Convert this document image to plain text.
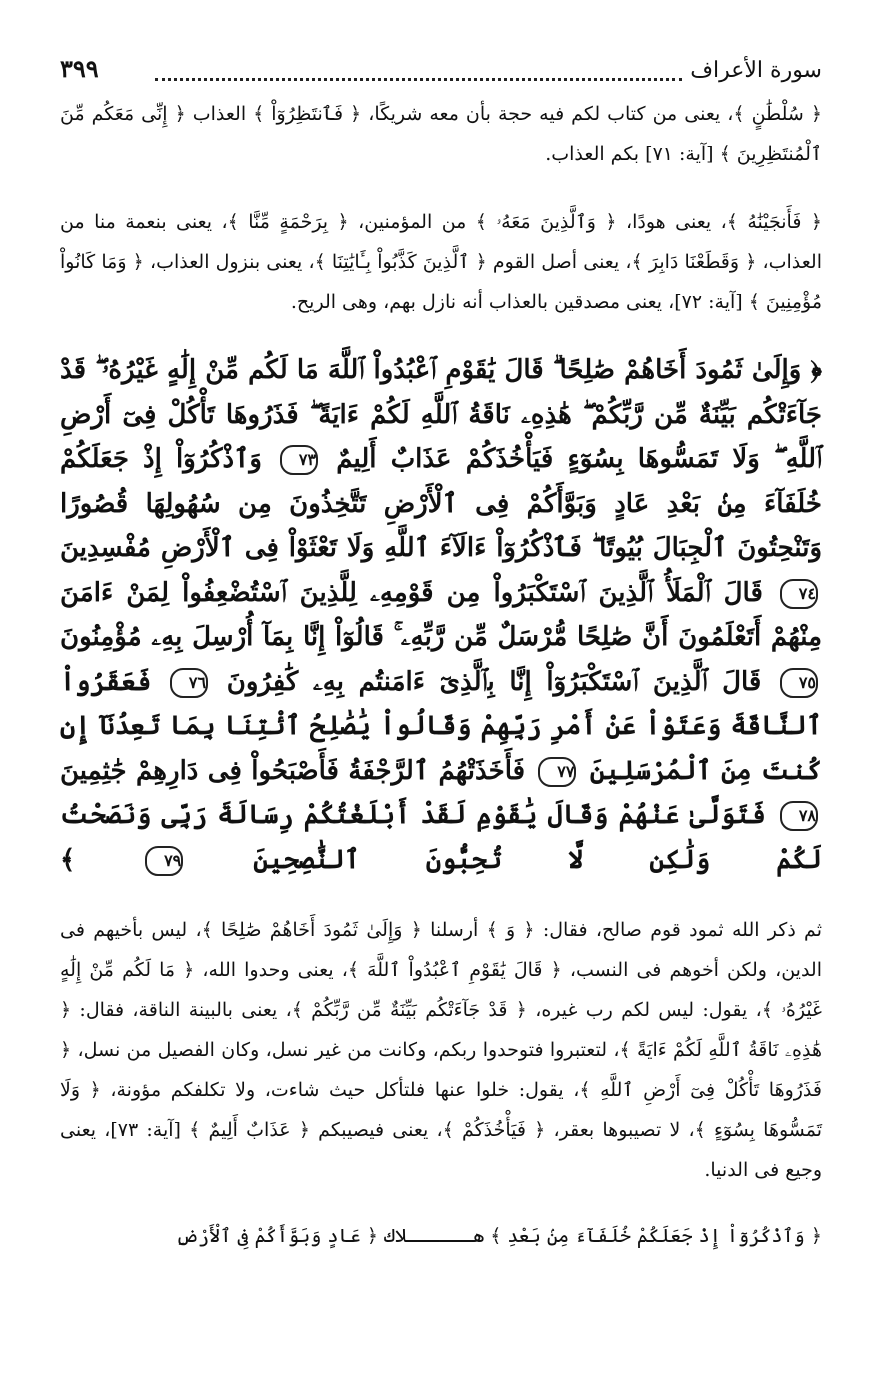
سورة الأعراف
٣٩٩

﴿ سُلْطَٰنٍ ﴾، يعنى من كتاب لكم فيه حجة بأن معه شريكًا، ﴿ فَٱنتَظِرُوٓاْ ﴾ العذاب ﴿ إِنِّى مَعَكُم مِّنَ ٱلْمُنتَظِرِينَ ﴾ [آية: ٧١] بكم العذاب.

﴿ فَأَنجَيْنَٰهُ ﴾، يعنى هودًا، ﴿ وَٱلَّذِينَ مَعَهُۥ ﴾ من المؤمنين، ﴿ بِرَحْمَةٍ مِّنَّا ﴾، يعنى بنعمة منا من العذاب، ﴿ وَقَطَعْنَا دَابِرَ ﴾، يعنى أصل القوم ﴿ ٱلَّذِينَ كَذَّبُواْ بِـَٔايَٰتِنَا ﴾، يعنى بنزول العذاب، ﴿ وَمَا كَانُواْ مُؤْمِنِينَ ﴾ [آية: ٧٢]، يعنى مصدقين بالعذاب أنه نازل بهم، وهى الريح.

﴿ وَإِلَىٰ ثَمُودَ أَخَاهُمْ صَٰلِحًا ۗ قَالَ يَٰقَوْمِ ٱعْبُدُواْ ٱللَّهَ مَا لَكُم مِّنْ إِلَٰهٍ غَيْرُهُۥ ۖ قَدْ جَآءَتْكُم بَيِّنَةٌ مِّن رَّبِّكُمْ ۖ هَٰذِهِۦ نَاقَةُ ٱللَّهِ لَكُمْ ءَايَةً ۖ فَذَرُوهَا تَأْكُلْ فِىٓ أَرْضِ ٱللَّهِ ۖ وَلَا تَمَسُّوهَا بِسُوٓءٍ فَيَأْخُذَكُمْ عَذَابٌ أَلِيمٌ ٧٣ وَٱذْكُرُوٓاْ إِذْ جَعَلَكُمْ خُلَفَآءَ مِنۢ بَعْدِ عَادٍ وَبَوَّأَكُمْ فِى ٱلْأَرْضِ تَتَّخِذُونَ مِن سُهُولِهَا قُصُورًا وَتَنْحِتُونَ ٱلْجِبَالَ بُيُوتًا ۖ فَٱذْكُرُوٓاْ ءَالَآءَ ٱللَّهِ وَلَا تَعْثَوْاْ فِى ٱلْأَرْضِ مُفْسِدِينَ ٧٤ قَالَ ٱلْمَلَأُ ٱلَّذِينَ ٱسْتَكْبَرُواْ مِن قَوْمِهِۦ لِلَّذِينَ ٱسْتُضْعِفُواْ لِمَنْ ءَامَنَ مِنْهُمْ أَتَعْلَمُونَ أَنَّ صَٰلِحًا مُّرْسَلٌ مِّن رَّبِّهِۦ ۚ قَالُوٓاْ إِنَّا بِمَآ أُرْسِلَ بِهِۦ مُؤْمِنُونَ ٧٥ قَالَ ٱلَّذِينَ ٱسْتَكْبَرُوٓاْ إِنَّا بِٱلَّذِىٓ ءَامَنتُم بِهِۦ كَٰفِرُونَ ٧٦ فَعَقَرُواْ ٱلنَّاقَةَ وَعَتَوْاْ عَنْ أَمْرِ رَبِّهِمْ وَقَالُواْ يَٰصَٰلِحُ ٱئْتِنَا بِمَا تَعِدُنَآ إِن كُنتَ مِنَ ٱلْمُرْسَلِينَ ٧٧ فَأَخَذَتْهُمُ ٱلرَّجْفَةُ فَأَصْبَحُواْ فِى دَارِهِمْ جَٰثِمِينَ ٧٨ فَتَوَلَّىٰ عَنْهُمْ وَقَالَ يَٰقَوْمِ لَقَدْ أَبْلَغْتُكُمْ رِسَالَةَ رَبِّى وَنَصَحْتُ لَكُمْ وَلَٰكِن لَّا تُحِبُّونَ ٱلنَّٰصِحِينَ ٧٩ ﴾

ثم ذكر الله ثمود قوم صالح، فقال: ﴿ وَ ﴾ أرسلنا ﴿ وَإِلَىٰ ثَمُودَ أَخَاهُمْ صَٰلِحًا ﴾، ليس بأخيهم فى الدين، ولكن أخوهم فى النسب، ﴿ قَالَ يَٰقَوْمِ ٱعْبُدُواْ ٱللَّهَ ﴾، يعنى وحدوا الله، ﴿ مَا لَكُم مِّنْ إِلَٰهٍ غَيْرُهُۥ ﴾، يقول: ليس لكم رب غيره، ﴿ قَدْ جَآءَتْكُم بَيِّنَةٌ مِّن رَّبِّكُمْ ﴾، يعنى بالبينة الناقة، فقال: ﴿ هَٰذِهِۦ نَاقَةُ ٱللَّهِ لَكُمْ ءَايَةً ﴾، لتعتبروا فتوحدوا ربكم، وكانت من غير نسل، وكان الفصيل من نسل، ﴿ فَذَرُوهَا تَأْكُلْ فِىٓ أَرْضِ ٱللَّهِ ﴾، يقول: خلوا عنها فلتأكل حيث شاءت، ولا تكلفكم مؤونة، ﴿ وَلَا تَمَسُّوهَا بِسُوٓءٍ ﴾، لا تصيبوها بعقر، ﴿ فَيَأْخُذَكُمْ ﴾، يعنى فيصيبكم ﴿ عَذَابٌ أَلِيمٌ ﴾ [آية: ٧٣]، يعنى وجيع فى الدنيا.

﴿ وَٱذْكُرُوٓاْ إِذْ جَعَلَكُمْ خُلَفَآءَ مِنۢ بَعْدِ ﴾ هــــــلاك ﴿ عَادٍ وَبَوَّأَكُمْ فِى ٱلْأَرْضِ
